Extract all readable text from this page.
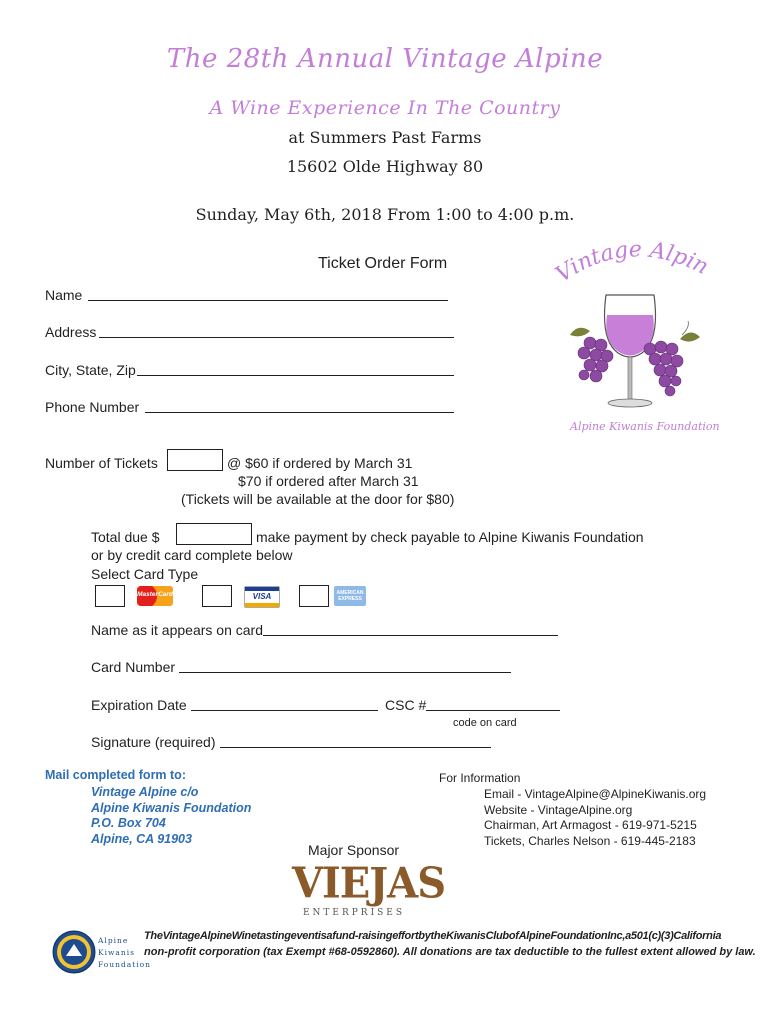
The 28th Annual Vintage Alpine
A Wine Experience In The Country
at Summers Past Farms
15602 Olde Highway 80
Sunday, May 6th, 2018 From 1:00 to 4:00 p.m.
Vintage Alpin
Alpine Kiwanis Foundation
Ticket Order Form
Name
Address
City, State, Zip
Phone Number
Number of Tickets	@ $60 if ordered by March 31
$70 if ordered after March 31
(Tickets will be available at the door for $80)
Total due $	make payment by check payable to Alpine Kiwanis Foundation
or by credit card complete below
Select Card Type
MasterCard	VISA	AMERICAN EXPRESS
Name as it appears on card
Card Number
Expiration Date	CSC #
code on card
Signature (required)
Mail completed form to:
Vintage Alpine c/o
Alpine Kiwanis Foundation
P.O. Box 704
Alpine, CA 91903
For Information
Email - VintageAlpine@AlpineKiwanis.org
Website - VintageAlpine.org
Chairman, Art Armagost - 619-971-5215
Tickets, Charles Nelson - 619-445-2183
Major Sponsor
VIEJAS
ENTERPRISES
Alpine
Kiwanis
Foundation
TheVintageAlpineWinetastingeventisafund-raisingeffortbytheKiwanisClubofAlpineFoundationInc,a501(c)(3)California
non-profit corporation (tax Exempt #68-0592860). All donations are tax deductible to the fullest extent allowed by law.
